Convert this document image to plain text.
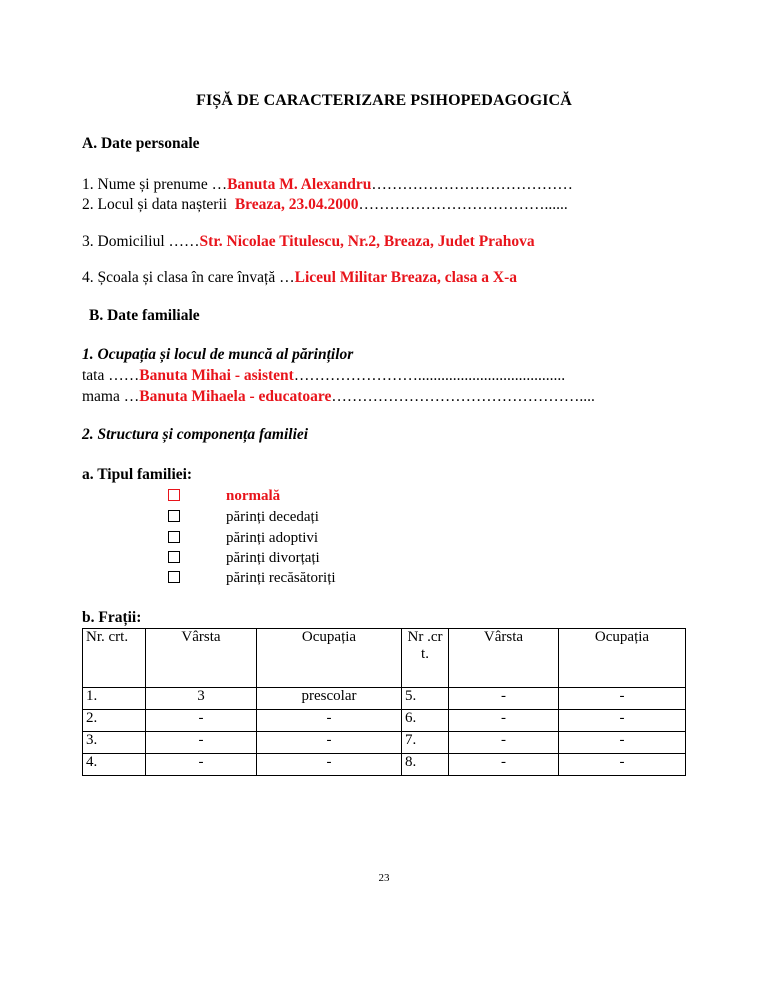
FIȘĂ DE CARACTERIZARE PSIHOPEDAGOGICĂ
A. Date personale
1. Nume și prenume …Banuta M. Alexandru…………………………………
2. Locul și data nașterii Breaza, 23.04.2000………………………………......
3. Domiciliul ……Str. Nicolae Titulescu, Nr.2, Breaza, Judet Prahova
4. Școala și clasa în care învață …Liceul Militar Breaza, clasa a X-a
B. Date familiale
1. Ocupația și locul de muncă al părinților
tata ……Banuta Mihai - asistent……………………......................................
mama …Banuta Mihaela - educatoare…………………………………………....
2. Structura și componența familiei
a. Tipul familiei:
normală
părinți decedați
părinți adoptivi
părinți divorțați
părinți recăsătoriți
b. Frații:
Nr. crt.	Vârsta	Ocupația	Nr .cr t.	Vârsta	Ocupația
1.	3	prescolar	5.	-	-
2.	-	-	6.	-	-
3.	-	-	7.	-	-
4.	-	-	8.	-	-
23
